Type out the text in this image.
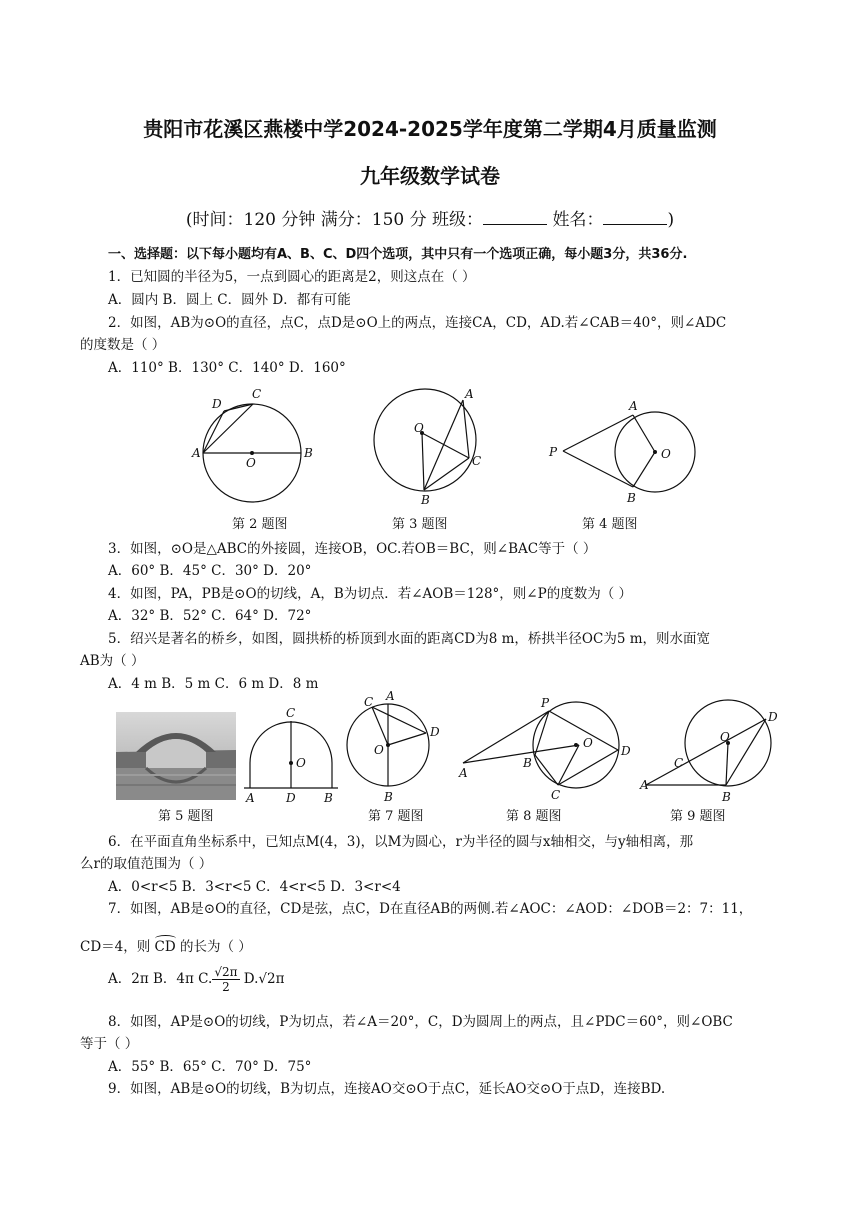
贵阳市花溪区燕楼中学2024-2025学年度第二学期4月质量监测
九年级数学试卷
(时间：120 分钟 满分：150 分 班级：	姓名：	)
一、选择题：以下每小题均有A、B、C、D四个选项，其中只有一个选项正确，每小题3分，共36分.
1．已知圆的半径为5，一点到圆心的距离是2，则这点在（ ）
A．圆内 B．圆上 C．圆外 D．都有可能
2．如图，AB为⊙O的直径，点C，点D是⊙O上的两点，连接CA，CD，AD.若∠CAB＝40°，则∠ADC
的度数是（ ）
A．110° B．130° C．140° D．160°
A	B
C
D
O
第 2 题图
O
A
B
C
第 3 题图
P
A
B
O
第 4 题图
3．如图，⊙O是△ABC的外接圆，连接OB，OC.若OB＝BC，则∠BAC等于（ ）
A．60° B．45° C．30° D．20°
4．如图，PA，PB是⊙O的切线，A，B为切点．若∠AOB＝128°，则∠P的度数为（ ）
A．32° B．52° C．64° D．72°
5．绍兴是著名的桥乡，如图，圆拱桥的桥顶到水面的距离CD为8 m，桥拱半径OC为5 m，则水面宽
AB为（ ）
A．4 m B．5 m C．6 m D．8 m
第 5 题图
C
O
A	D B
C A
D
O
B
第 7 题图
P
A
B
C
D
O
第 8 题图
O
A
B
C
D
第 9 题图
6．在平面直角坐标系中，已知点M(4，3)，以M为圆心，r为半径的圆与x轴相交，与y轴相离，那
么r的取值范围为（ ）
A．0<r<5 B．3<r<5 C．4<r<5 D．3<r<4
7．如图，AB是⊙O的直径，CD是弦，点C，D在直径AB的两侧.若∠AOC：∠AOD：∠DOB＝2：7：11，
CD＝4，则 CD 的长为（ ）
A．2π B．4π C. $\frac{√2\pi}{2} D.√2\pi$
8．如图，AP是⊙O的切线，P为切点，若∠A＝20°，C，D为圆周上的两点，且∠PDC＝60°，则∠OBC
等于（ ）
A．55° B．65° C．70° D．75°
9．如图，AB是⊙O的切线，B为切点，连接AO交⊙O于点C，延长AO交⊙O于点D，连接BD.
